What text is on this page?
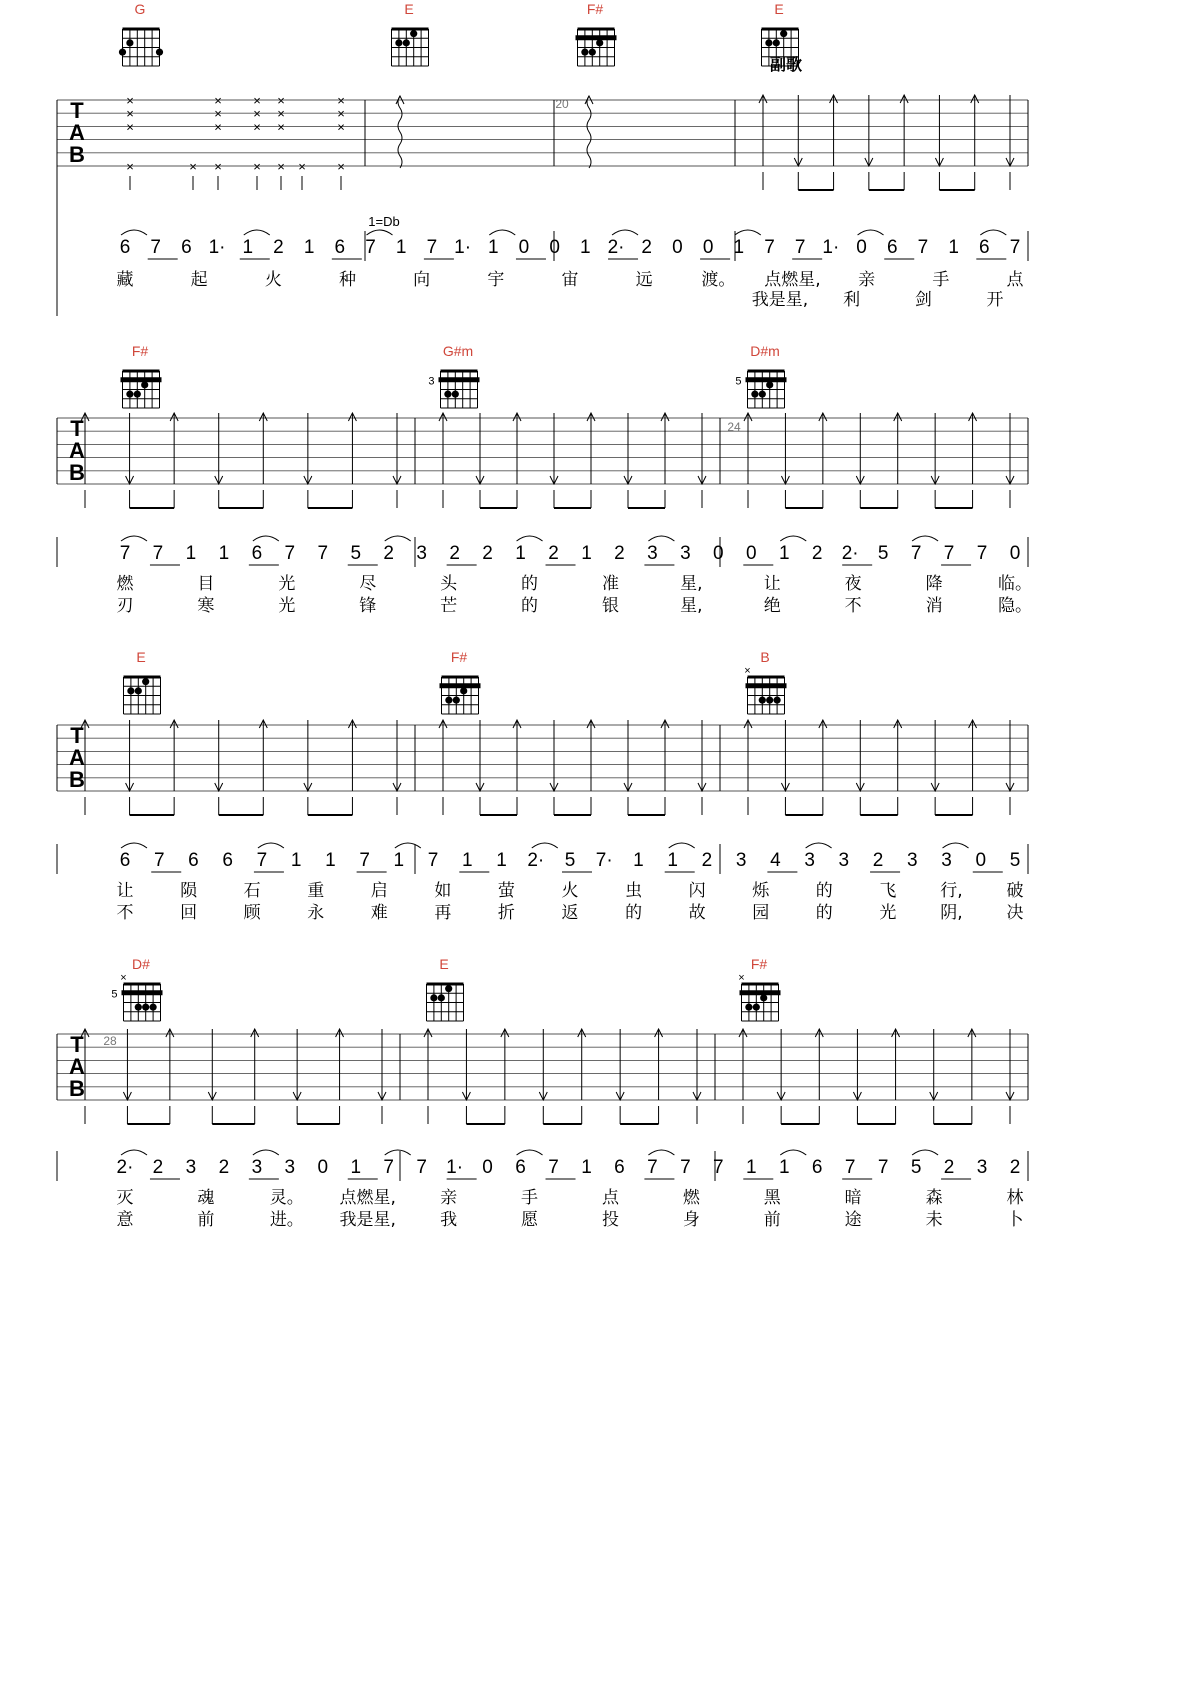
G	E	F#	E
F#	G#m
3
D#m
5
E	F#	B
×
D#
5
×
E	F#
×
副歌
1=Db
20
24
28
T
A
B
×
×
×
×	×
×
×
×
×
×
×
×
×
×
×
×
× ×
×
×
×
×
T
A
B
T
A
B
T
A
B
6 7 6 1· 1 2 1 6 7 1 7 1· 1 0 0 1 2· 2 0 0 1 7 7 1· 0 6 7 1 6 7
藏	起	火	种	向	宇	宙	远	渡。 点燃星, 亲	手	点
我是星, 利	剑	开
7 7 1 1 6 7 7 5 2 3 2 2 1 2 1 2 3 3 0 0 1 2 2· 5 7 7 7 0
燃	目	光	尽	头	的	准	星,	让	夜	降	临。
刃	寒	光	锋	芒	的	银	星,	绝	不	消	隐。
6 7 6 6 7 1 1 7 1 7 1 1 2· 5 7· 1 1 2 3 4 3 3 2 3 3 0 5
让	陨	石	重	启	如	萤	火	虫	闪	烁	的	飞	行,	破
不	回	顾	永	难	再	折	返	的	故	园	的	光	阴,	决
2· 2 3 2 3 3 0 1 7 7 1· 0 6 7 1 6 7 7 7 1 1 6 7 7 5 2 3 2
灭	魂	灵。 点燃星,	亲	手	点	燃	黑	暗	森	林
意	前	进。 我是星,	我	愿	投	身	前	途	未	卜
